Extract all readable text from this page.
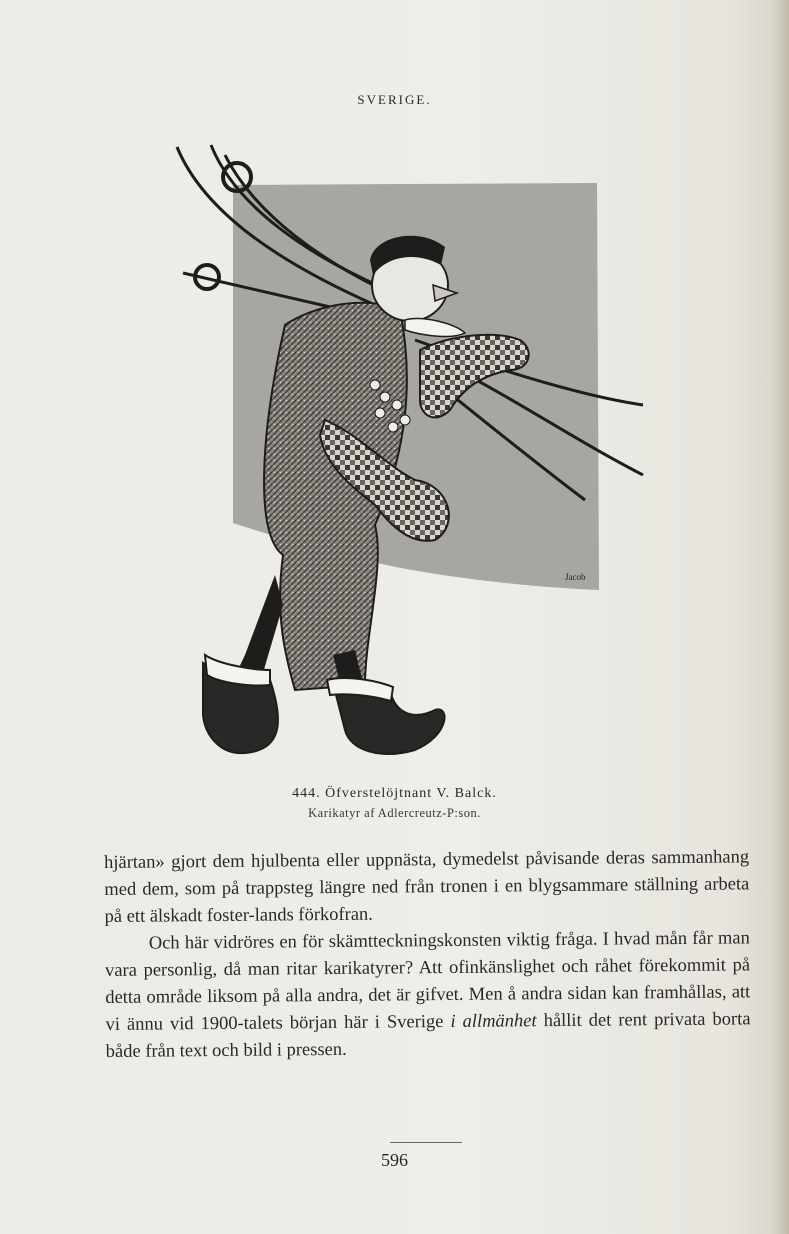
SVERIGE.
Jacob
444. Öfverstelöjtnant V. Balck.
Karikatyr af Adlercreutz-P:son.

hjärtan» gjort dem hjulbenta eller uppnästa, dymedelst påvisande deras sammanhang med dem, som på trappsteg längre ned från tronen i en blygsammare ställning arbeta på ett älskadt foster-lands förkofran.

Och här vidröres en för skämtteckningskonsten viktig fråga. I hvad mån får man vara personlig, då man ritar karikatyrer? Att ofinkänslighet och råhet förekommit på detta område liksom på alla andra, det är gifvet. Men å andra sidan kan framhållas, att vi ännu vid 1900-talets början här i Sverige i allmänhet hållit det rent privata borta både från text och bild i pressen.

596
